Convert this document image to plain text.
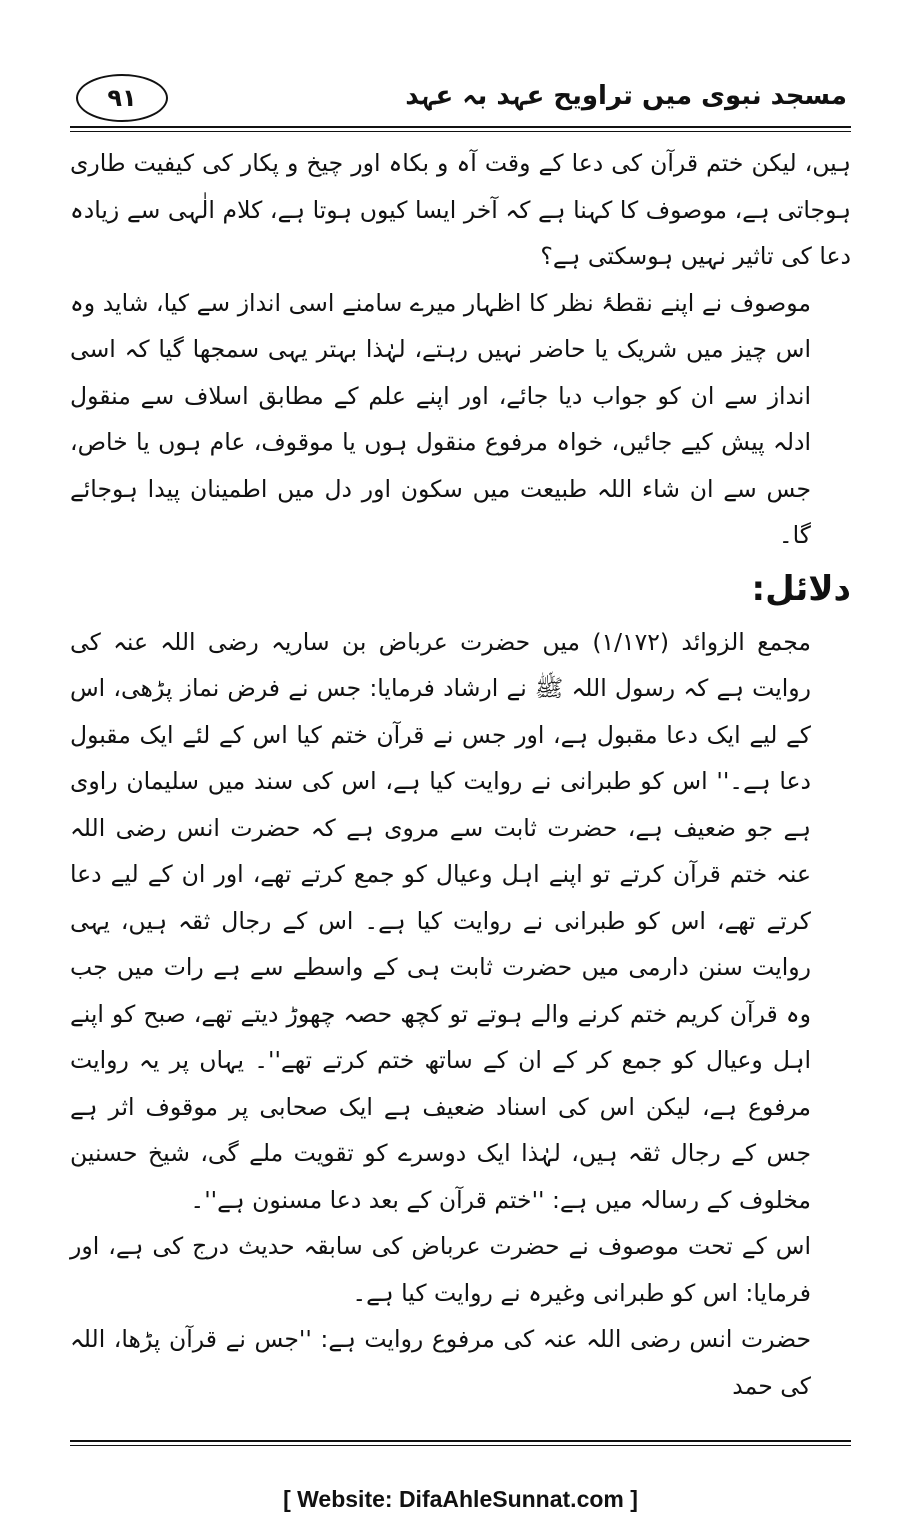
۹۱	مسجد نبوی میں تراویح عہد بہ عہد

ہیں، لیکن ختم قرآن کی دعا کے وقت آہ و بکاہ اور چیخ و پکار کی کیفیت طاری ہوجاتی ہے، موصوف کا کہنا ہے کہ آخر ایسا کیوں ہوتا ہے، کلام الٰہی سے زیادہ دعا کی تاثیر نہیں ہوسکتی ہے؟

موصوف نے اپنے نقطۂ نظر کا اظہار میرے سامنے اسی انداز سے کیا، شاید وہ اس چیز میں شریک یا حاضر نہیں رہتے، لہٰذا بہتر یہی سمجھا گیا کہ اسی انداز سے ان کو جواب دیا جائے، اور اپنے علم کے مطابق اسلاف سے منقول ادلہ پیش کیے جائیں، خواہ مرفوع منقول ہوں یا موقوف، عام ہوں یا خاص، جس سے ان شاء اللہ طبیعت میں سکون اور دل میں اطمینان پیدا ہوجائے گا۔

دلائل:

مجمع الزوائد (۱/۱۷۲) میں حضرت عرباض بن ساریہ رضی اللہ عنہ کی روایت ہے کہ رسول اللہ ﷺ نے ارشاد فرمایا: جس نے فرض نماز پڑھی، اس کے لیے ایک دعا مقبول ہے، اور جس نے قرآن ختم کیا اس کے لئے ایک مقبول دعا ہے۔'' اس کو طبرانی نے روایت کیا ہے، اس کی سند میں سلیمان راوی ہے جو ضعیف ہے، حضرت ثابت سے مروی ہے کہ حضرت انس رضی اللہ عنہ ختم قرآن کرتے تو اپنے اہل وعیال کو جمع کرتے تھے، اور ان کے لیے دعا کرتے تھے، اس کو طبرانی نے روایت کیا ہے۔ اس کے رجال ثقہ ہیں، یہی روایت سنن دارمی میں حضرت ثابت ہی کے واسطے سے ہے رات میں جب وہ قرآن کریم ختم کرنے والے ہوتے تو کچھ حصہ چھوڑ دیتے تھے، صبح کو اپنے اہل وعیال کو جمع کر کے ان کے ساتھ ختم کرتے تھے''۔ یہاں پر یہ روایت مرفوع ہے، لیکن اس کی اسناد ضعیف ہے ایک صحابی پر موقوف اثر ہے جس کے رجال ثقہ ہیں، لہٰذا ایک دوسرے کو تقویت ملے گی، شیخ حسنین مخلوف کے رسالہ میں ہے: ''ختم قرآن کے بعد دعا مسنون ہے''۔

اس کے تحت موصوف نے حضرت عرباض کی سابقہ حدیث درج کی ہے، اور فرمایا: اس کو طبرانی وغیرہ نے روایت کیا ہے۔

حضرت انس رضی اللہ عنہ کی مرفوع روایت ہے: ''جس نے قرآن پڑھا، اللہ کی حمد

[ Website: DifaAhleSunnat.com ]
